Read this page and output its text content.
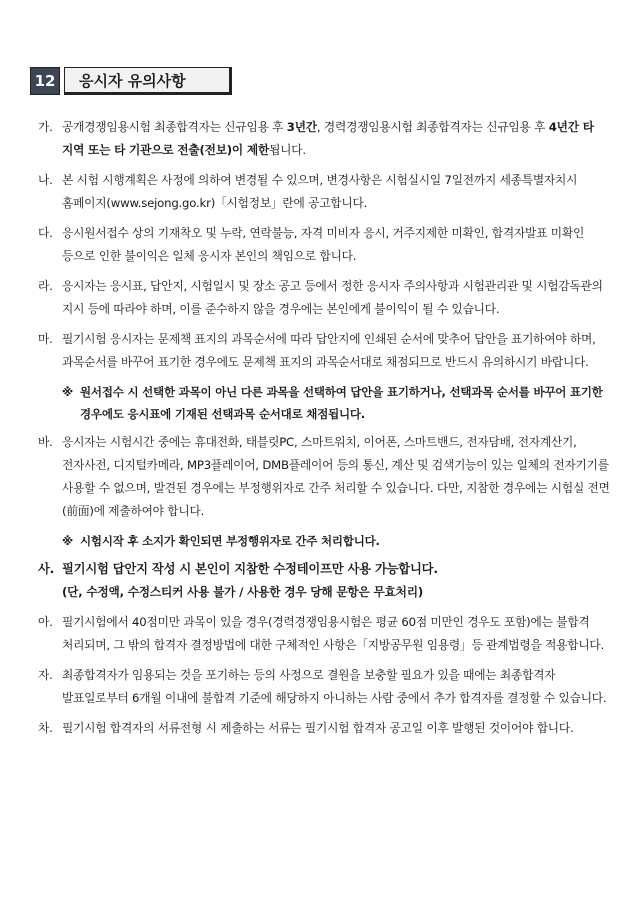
12	응시자 유의사항
가. 공개경쟁임용시험 최종합격자는 신규임용 후 3년간, 경력경쟁임용시험 최종합격자는 신규임용 후 4년간 타 지역 또는 타 기관으로 전출(전보)이 제한됩니다.
나. 본 시험 시행계획은 사정에 의하여 변경될 수 있으며, 변경사항은 시험실시일 7일전까지 세종특별자치시 홈페이지(www.sejong.go.kr)「시험정보」란에 공고합니다.
다. 응시원서접수 상의 기재착오 및 누락, 연락불능, 자격 미비자 응시, 거주지제한 미확인, 합격자발표 미확인 등으로 인한 불이익은 일체 응시자 본인의 책임으로 합니다.
라. 응시자는 응시표, 답안지, 시험일시 및 장소 공고 등에서 정한 응시자 주의사항과 시험관리관 및 시험감독관의 지시 등에 따라야 하며, 이를 준수하지 않을 경우에는 본인에게 불이익이 될 수 있습니다.
마. 필기시험 응시자는 문제책 표지의 과목순서에 따라 답안지에 인쇄된 순서에 맞추어 답안을 표기하여야 하며, 과목순서를 바꾸어 표기한 경우에도 문제책 표지의 과목순서대로 채점되므로 반드시 유의하시기 바랍니다.
※ 원서접수 시 선택한 과목이 아닌 다른 과목을 선택하여 답안을 표기하거나, 선택과목 순서를 바꾸어 표기한 경우에도 응시표에 기재된 선택과목 순서대로 채점됩니다.
바. 응시자는 시험시간 중에는 휴대전화, 태블릿PC, 스마트워치, 이어폰, 스마트밴드, 전자담배, 전자계산기, 전자사전, 디지털카메라, MP3플레이어, DMB플레이어 등의 통신, 계산 및 검색기능이 있는 일체의 전자기기를 사용할 수 없으며, 발견된 경우에는 부정행위자로 간주 처리할 수 있습니다. 다만, 지참한 경우에는 시험실 전면(前面)에 제출하여야 합니다.
※ 시험시작 후 소지가 확인되면 부정행위자로 간주 처리합니다.
사. 필기시험 답안지 작성 시 본인이 지참한 수정테이프만 사용 가능합니다.
(단, 수정액, 수정스티커 사용 불가 / 사용한 경우 당해 문항은 무효처리)
아. 필기시험에서 40점미만 과목이 있을 경우(경력경쟁임용시험은 평균 60점 미만인 경우도 포함)에는 불합격 처리되며, 그 밖의 합격자 결정방법에 대한 구체적인 사항은「지방공무원 임용령」등 관계법령을 적용합니다.
자. 최종합격자가 임용되는 것을 포기하는 등의 사정으로 결원을 보충할 필요가 있을 때에는 최종합격자 발표일로부터 6개월 이내에 불합격 기준에 해당하지 아니하는 사람 중에서 추가 합격자를 결정할 수 있습니다.
차. 필기시험 합격자의 서류전형 시 제출하는 서류는 필기시험 합격자 공고일 이후 발행된 것이어야 합니다.
